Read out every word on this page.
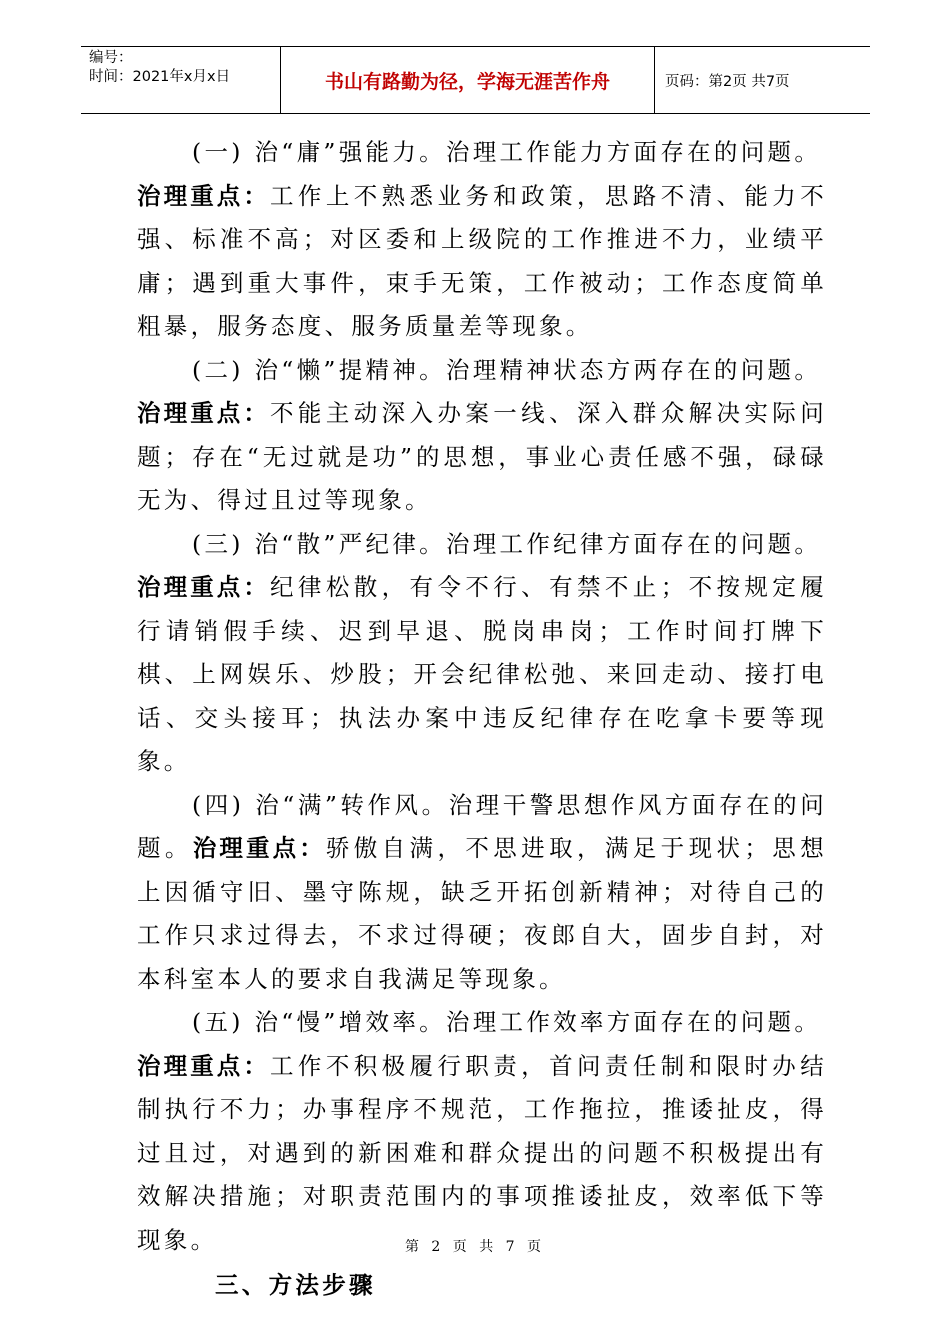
编号：
时间：2021年x月x日	书山有路勤为径，学海无涯苦作舟	页码：第2页 共7页

(一) 治“庸”强能力。治理工作能力方面存在的问题。

治理重点：工作上不熟悉业务和政策，思路不清、能力不强、标准不高；对区委和上级院的工作推进不力，业绩平庸；遇到重大事件，束手无策，工作被动；工作态度简单粗暴，服务态度、服务质量差等现象。

(二) 治“懒”提精神。治理精神状态方两存在的问题。

治理重点：不能主动深入办案一线、深入群众解决实际问题；存在“无过就是功”的思想，事业心责任感不强，碌碌无为、得过且过等现象。

(三) 治“散”严纪律。治理工作纪律方面存在的问题。

治理重点：纪律松散，有令不行、有禁不止；不按规定履行请销假手续、迟到早退、脱岗串岗；工作时间打牌下棋、上网娱乐、炒股；开会纪律松弛、来回走动、接打电话、交头接耳；执法办案中违反纪律存在吃拿卡要等现象。

(四) 治“满”转作风。治理干警思想作风方面存在的问题。治理重点：骄傲自满，不思进取，满足于现状；思想上因循守旧、墨守陈规，缺乏开拓创新精神；对待自己的工作只求过得去，不求过得硬；夜郎自大，固步自封，对本科室本人的要求自我满足等现象。

(五) 治“慢”增效率。治理工作效率方面存在的问题。

治理重点：工作不积极履行职责，首问责任制和限时办结制执行不力；办事程序不规范，工作拖拉，推诿扯皮，得过且过，对遇到的新困难和群众提出的问题不积极提出有效解决措施；对职责范围内的事项推诿扯皮，效率低下等现象。

三、方法步骤

第 2 页 共 7 页
